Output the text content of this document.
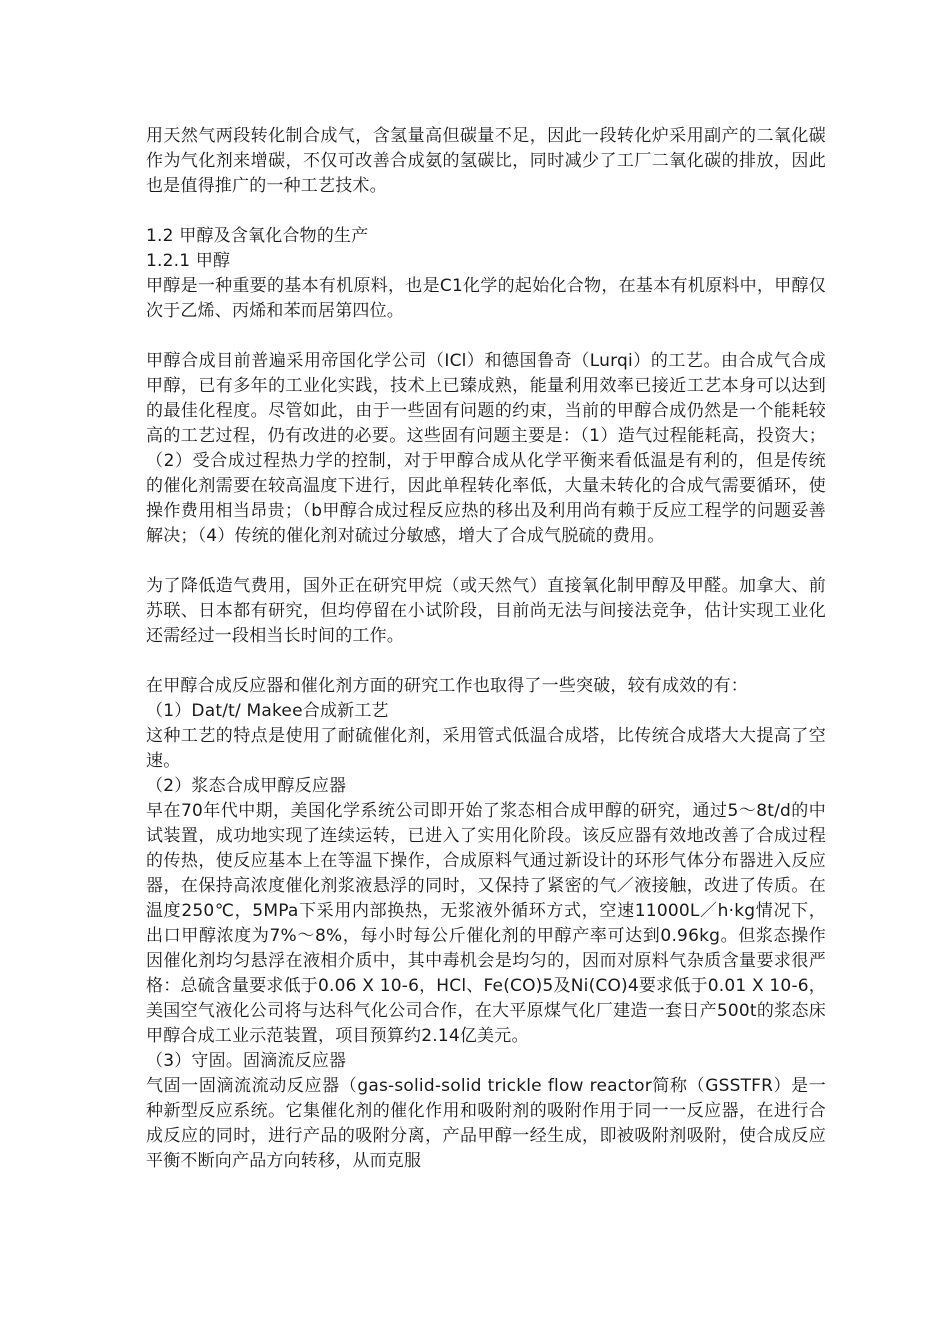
用天然气两段转化制合成气，含氢量高但碳量不足，因此一段转化炉采用副产的二氧化碳作为气化剂来增碳，不仅可改善合成氨的氢碳比，同时减少了工厂二氧化碳的排放，因此也是值得推广的一种工艺技术。

1.2 甲醇及含氧化合物的生产

1.2.1 甲醇

甲醇是一种重要的基本有机原料，也是C1化学的起始化合物，在基本有机原料中，甲醇仅次于乙烯、丙烯和苯而居第四位。

甲醇合成目前普遍采用帝国化学公司（ICl）和德国鲁奇（Lurqi）的工艺。由合成气合成甲醇，已有多年的工业化实践，技术上已臻成熟，能量利用效率已接近工艺本身可以达到的最佳化程度。尽管如此，由于一些固有问题的约束，当前的甲醇合成仍然是一个能耗较高的工艺过程，仍有改进的必要。这些固有问题主要是：（1）造气过程能耗高，投资大；（2）受合成过程热力学的控制，对于甲醇合成从化学平衡来看低温是有利的，但是传统的催化剂需要在较高温度下进行，因此单程转化率低，大量未转化的合成气需要循环，使操作费用相当昂贵；（b甲醇合成过程反应热的移出及利用尚有赖于反应工程学的问题妥善解决；（4）传统的催化剂对硫过分敏感，增大了合成气脱硫的费用。

为了降低造气费用，国外正在研究甲烷（或天然气）直接氧化制甲醇及甲醛。加拿大、前苏联、日本都有研究，但均停留在小试阶段，目前尚无法与间接法竞争，估计实现工业化还需经过一段相当长时间的工作。

在甲醇合成反应器和催化剂方面的研究工作也取得了一些突破，较有成效的有：

（1）Dat/t/ Makee合成新工艺

这种工艺的特点是使用了耐硫催化剂，采用管式低温合成塔，比传统合成塔大大提高了空速。

（2）浆态合成甲醇反应器

早在70年代中期，美国化学系统公司即开始了浆态相合成甲醇的研究，通过5～8t/d的中试装置，成功地实现了连续运转，已进入了实用化阶段。该反应器有效地改善了合成过程的传热，使反应基本上在等温下操作，合成原料气通过新设计的环形气体分布器进入反应器，在保持高浓度催化剂浆液悬浮的同时，又保持了紧密的气／液接触，改进了传质。在温度250℃，5MPa下采用内部换热，无浆液外循环方式，空速11000L／h·kg情况下，出口甲醇浓度为7%～8%，每小时每公斤催化剂的甲醇产率可达到0.96kg。但浆态操作因催化剂均匀悬浮在液相介质中，其中毒机会是均匀的，因而对原料气杂质含量要求很严格：总硫含量要求低于0.06 X 10-6，HCl、Fe(CO)5及Ni(CO)4要求低于0.01 X 10-6，美国空气液化公司将与达科气化公司合作，在大平原煤气化厂建造一套日产500t的浆态床甲醇合成工业示范装置，项目预算约2.14亿美元。

（3）守固。固滴流反应器

气固一固滴流流动反应器（gas-solid-solid trickle flow reactor简称（GSSTFR）是一种新型反应系统。它集催化剂的催化作用和吸附剂的吸附作用于同一一反应器，在进行合成反应的同时，进行产品的吸附分离，产品甲醇一经生成，即被吸附剂吸附，使合成反应平衡不断向产品方向转移，从而克服
